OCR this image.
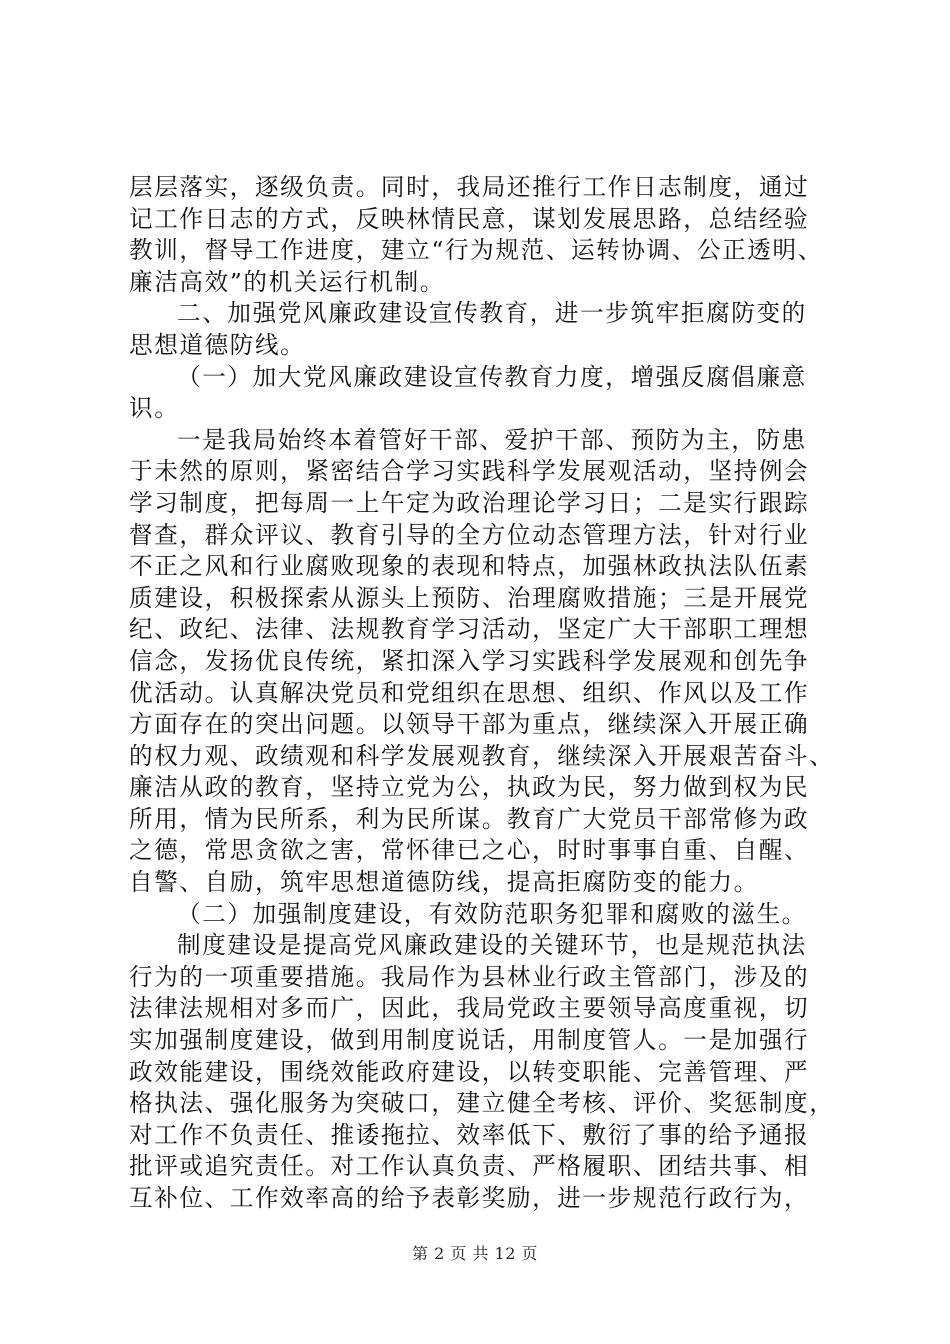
层层落实，逐级负责。同时，我局还推行工作日志制度，通过
记工作日志的方式，反映林情民意，谋划发展思路，总结经验
教训，督导工作进度，建立“行为规范、运转协调、公正透明、
廉洁高效”的机关运行机制。
二、加强党风廉政建设宣传教育，进一步筑牢拒腐防变的
思想道德防线。
（一）加大党风廉政建设宣传教育力度，增强反腐倡廉意
识。
一是我局始终本着管好干部、爱护干部、预防为主，防患
于未然的原则，紧密结合学习实践科学发展观活动，坚持例会
学习制度，把每周一上午定为政治理论学习日；二是实行跟踪
督查，群众评议、教育引导的全方位动态管理方法，针对行业
不正之风和行业腐败现象的表现和特点，加强林政执法队伍素
质建设，积极探索从源头上预防、治理腐败措施；三是开展党
纪、政纪、法律、法规教育学习活动，坚定广大干部职工理想
信念，发扬优良传统，紧扣深入学习实践科学发展观和创先争
优活动。认真解决党员和党组织在思想、组织、作风以及工作
方面存在的突出问题。以领导干部为重点，继续深入开展正确
的权力观、政绩观和科学发展观教育，继续深入开展艰苦奋斗、
廉洁从政的教育，坚持立党为公，执政为民，努力做到权为民
所用，情为民所系，利为民所谋。教育广大党员干部常修为政
之德，常思贪欲之害，常怀律已之心，时时事事自重、自醒、
自警、自励，筑牢思想道德防线，提高拒腐防变的能力。
（二）加强制度建设，有效防范职务犯罪和腐败的滋生。
制度建设是提高党风廉政建设的关键环节，也是规范执法
行为的一项重要措施。我局作为县林业行政主管部门，涉及的
法律法规相对多而广，因此，我局党政主要领导高度重视，切
实加强制度建设，做到用制度说话，用制度管人。一是加强行
政效能建设，围绕效能政府建设，以转变职能、完善管理、严
格执法、强化服务为突破口，建立健全考核、评价、奖惩制度，
对工作不负责任、推诿拖拉、效率低下、敷衍了事的给予通报
批评或追究责任。对工作认真负责、严格履职、团结共事、相
互补位、工作效率高的给予表彰奖励，进一步规范行政行为，
第 2 页 共 12 页
